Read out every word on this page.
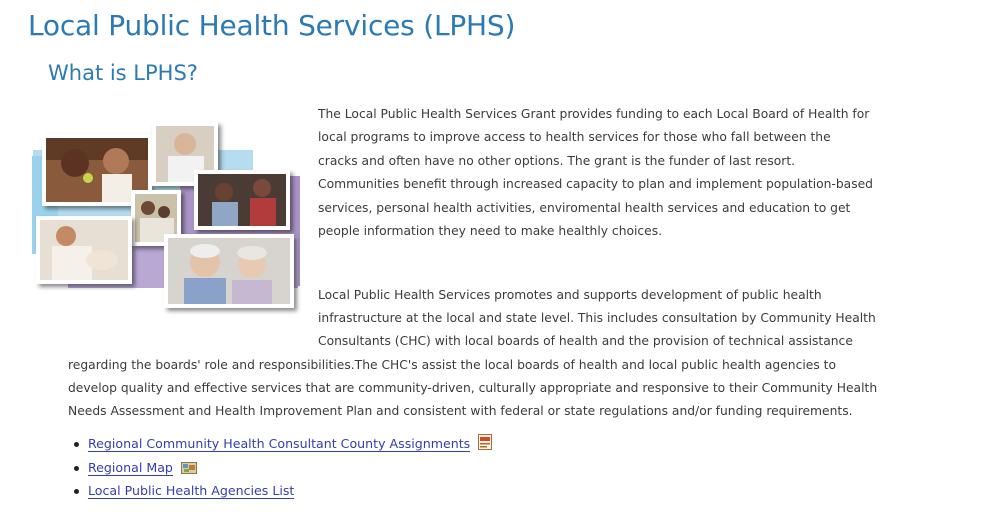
Local Public Health Services (LPHS)
What is LPHS?

The Local Public Health Services Grant provides funding to each Local Board of Health for local programs to improve access to health services for those who fall between the cracks and often have no other options. The grant is the funder of last resort. Communities benefit through increased capacity to plan and implement population-based services, personal health activities, enviromental health services and education to get people information they need to make healthly choices.

Local Public Health Services promotes and supports development of public health
infrastructure at the local and state level. This includes consultation by Community Health
Consultants (CHC) with local boards of health and the provision of technical assistance
regarding the boards' role and responsibilities.The CHC's assist the local boards of health and local public health agencies to
develop quality and effective services that are community-driven, culturally appropriate and responsive to their Community Health
Needs Assessment and Health Improvement Plan and consistent with federal or state regulations and/or funding requirements.
Regional Community Health Consultant County Assignments
Regional Map
Local Public Health Agencies List
